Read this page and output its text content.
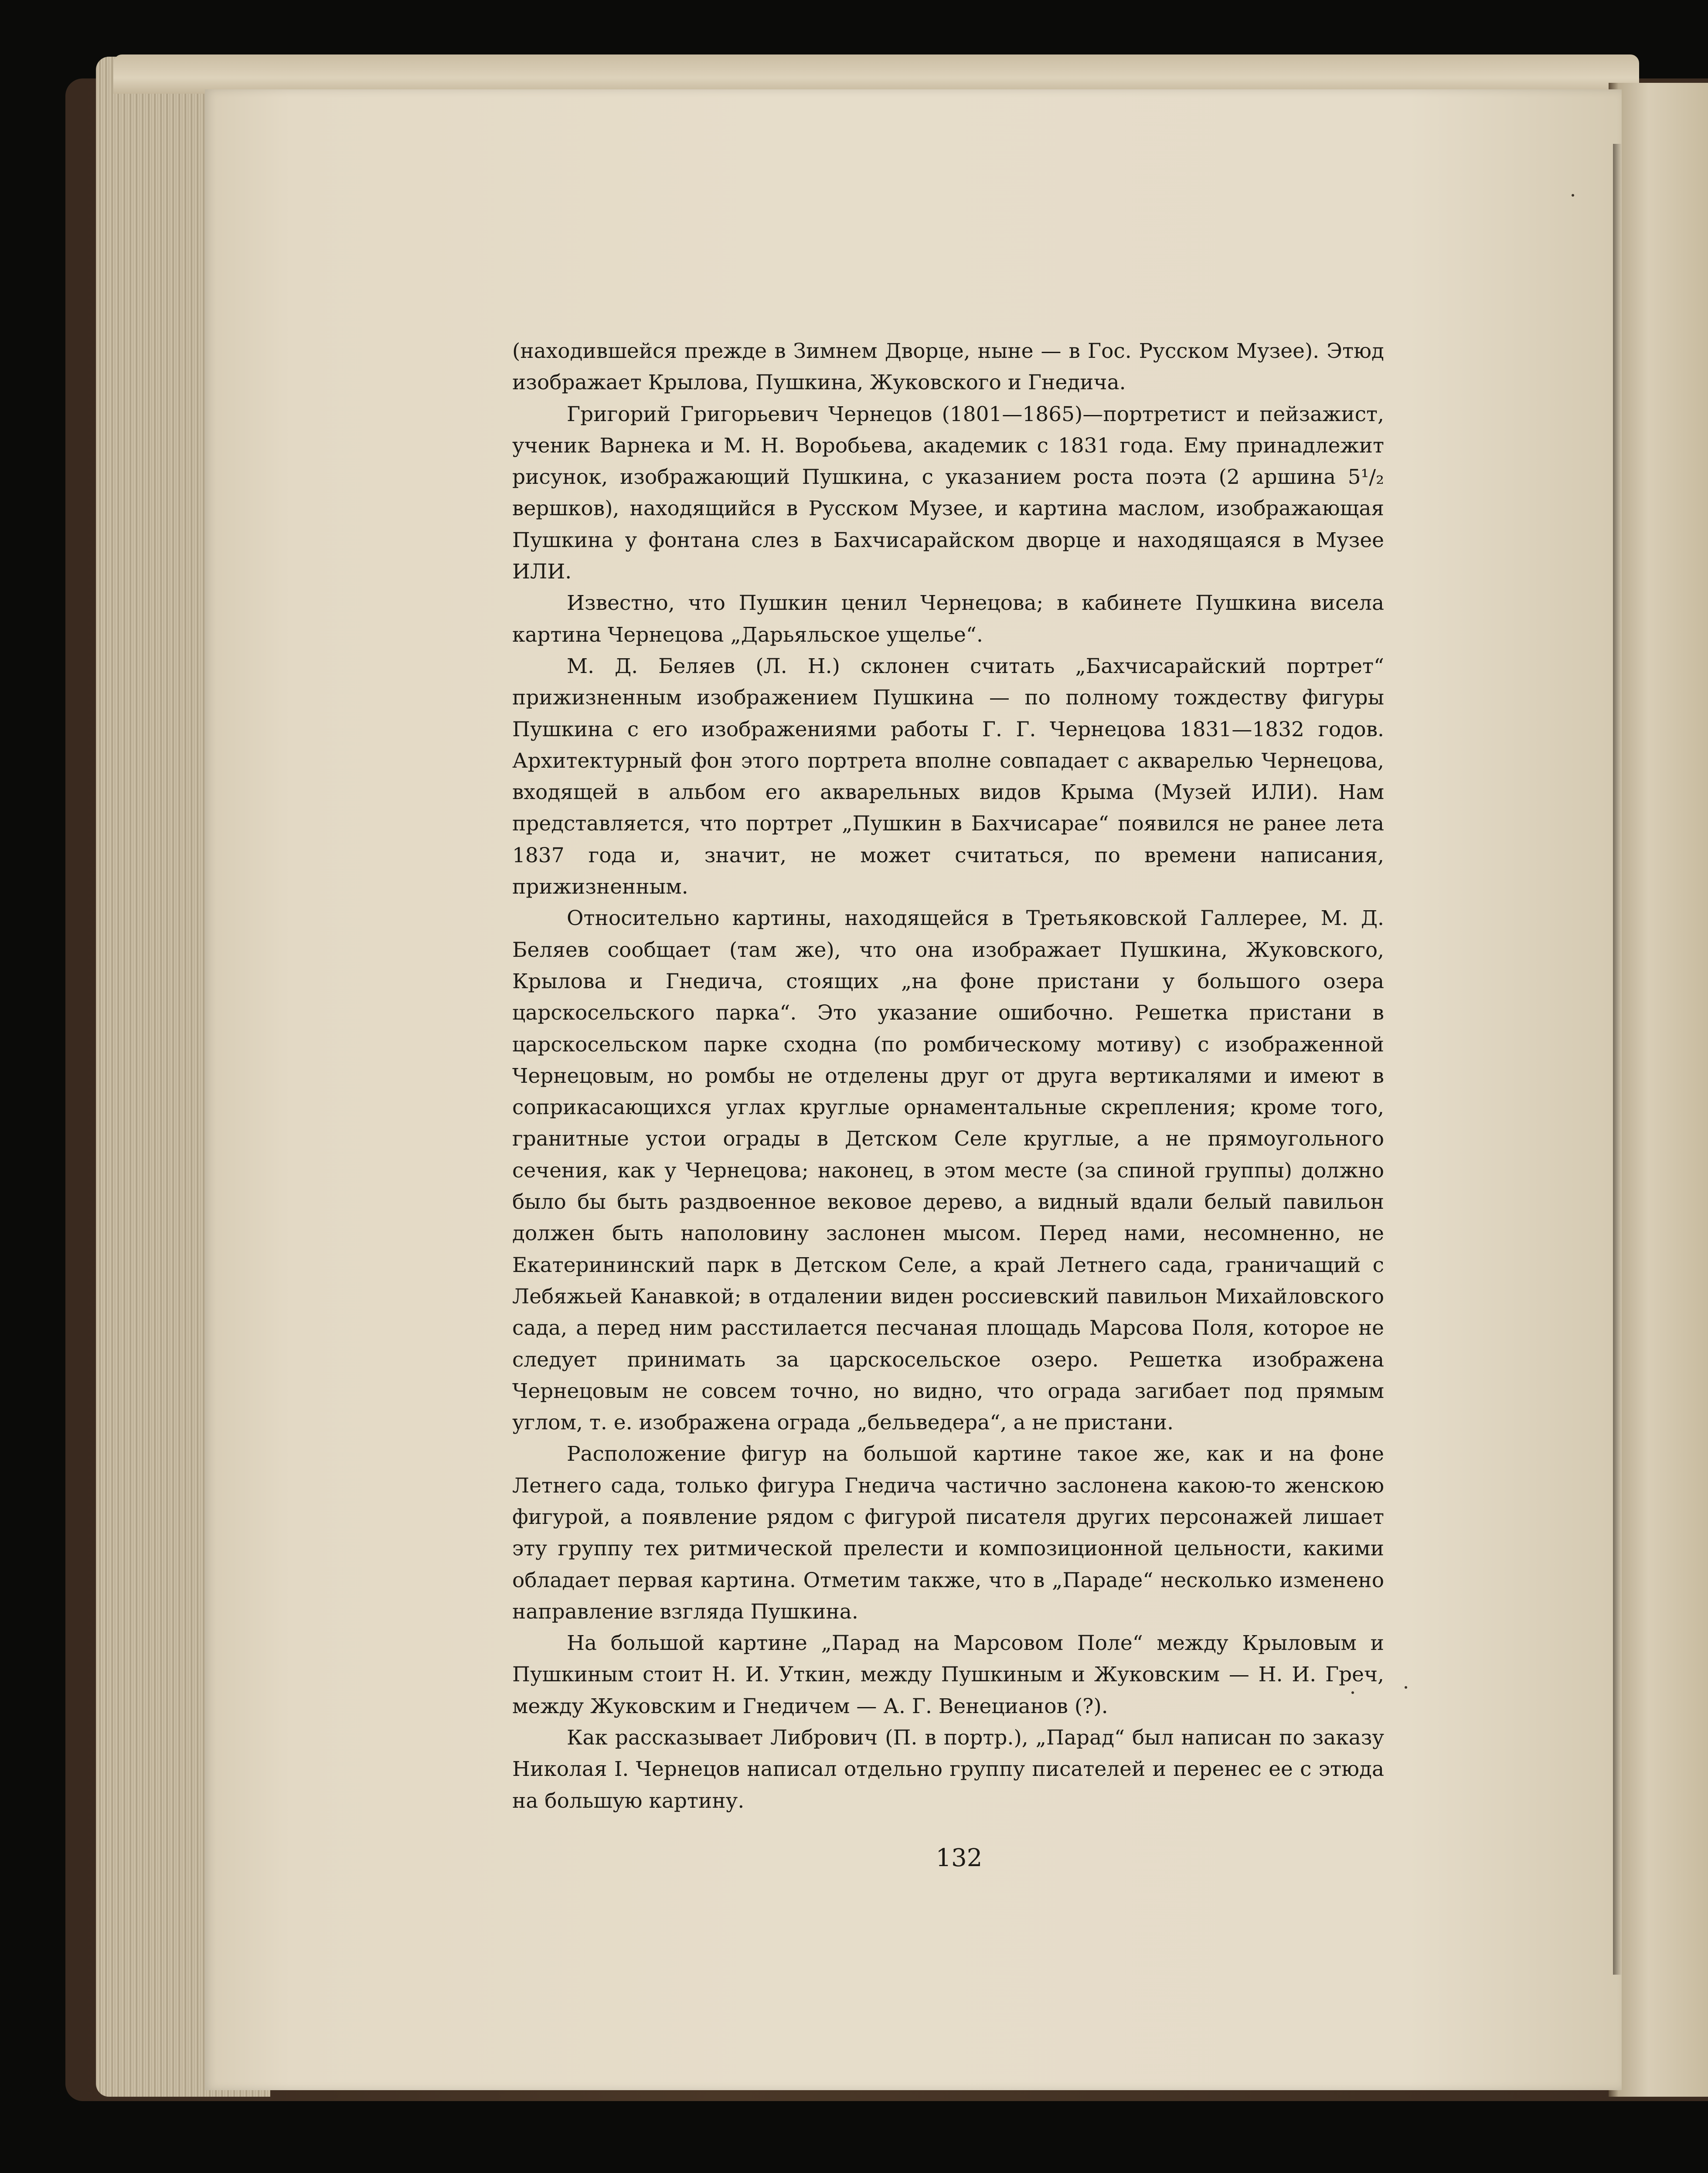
(находившейся прежде в Зимнем Дворце, ныне — в Гос. Русском Музее). Этюд изображает Крылова, Пушкина, Жуковского и Гнедича.

Григорий Григорьевич Чернецов (1801—1865)—портретист и пейзажист, ученик Варнека и М. Н. Воробьева, академик с 1831 года. Ему принадлежит рисунок, изображающий Пушкина, с указанием роста поэта (2 аршина 5¹/₂ вершков), находящийся в Русском Музее, и картина маслом, изображающая Пушкина у фонтана слез в Бахчисарайском дворце и находящаяся в Музее ИЛИ.

Известно, что Пушкин ценил Чернецова; в кабинете Пушкина висела картина Чернецова „Дарьяльское ущелье“.

М. Д. Беляев (Л. Н.) склонен считать „Бахчисарайский портрет“ прижизненным изображением Пушкина — по полному тождеству фигуры Пушкина с его изображениями работы Г. Г. Чернецова 1831—1832 годов. Архитектурный фон этого портрета вполне совпадает с акварелью Чернецова, входящей в альбом его акварельных видов Крыма (Музей ИЛИ). Нам представляется, что портрет „Пушкин в Бахчисарае“ появился не ранее лета 1837 года и, значит, не может считаться, по времени написания, прижизненным.

Относительно картины, находящейся в Третьяковской Галлерее, М. Д. Беляев сообщает (там же), что она изображает Пушкина, Жуковского, Крылова и Гнедича, стоящих „на фоне пристани у большого озера царскосельского парка“. Это указание ошибочно. Решетка пристани в царскосельском парке сходна (по ромбическому мотиву) с изображенной Чернецовым, но ромбы не отделены друг от друга вертикалями и имеют в соприкасающихся углах круглые орнаментальные скрепления; кроме того, гранитные устои ограды в Детском Селе круглые, а не прямоугольного сечения, как у Чернецова; наконец, в этом месте (за спиной группы) должно было бы быть раздвоенное вековое дерево, а видный вдали белый павильон должен быть наполовину заслонен мысом. Перед нами, несомненно, не Екатерининский парк в Детском Селе, а край Летнего сада, граничащий с Лебяжьей Канавкой; в отдалении виден россиевский павильон Михайловского сада, а перед ним расстилается песчаная площадь Марсова Поля, которое не следует принимать за царскосельское озеро. Решетка изображена Чернецовым не совсем точно, но видно, что ограда загибает под прямым углом, т. е. изображена ограда „бельведера“, а не пристани.

Расположение фигур на большой картине такое же, как и на фоне Летнего сада, только фигура Гнедича частично заслонена какою-то женскою фигурой, а появление рядом с фигурой писателя других персонажей лишает эту группу тех ритмической прелести и композиционной цельности, какими обладает первая картина. Отметим также, что в „Параде“ несколько изменено направление взгляда Пушкина.

На большой картине „Парад на Марсовом Поле“ между Крыловым и Пушкиным стоит Н. И. Уткин, между Пушкиным и Жуковским — Н. И. Греч, между Жуковским и Гнедичем — А. Г. Венецианов (?).

Как рассказывает Либрович (П. в портр.), „Парад“ был написан по заказу Николая I. Чернецов написал отдельно группу писателей и перенес ее с этюда на большую картину.

132
